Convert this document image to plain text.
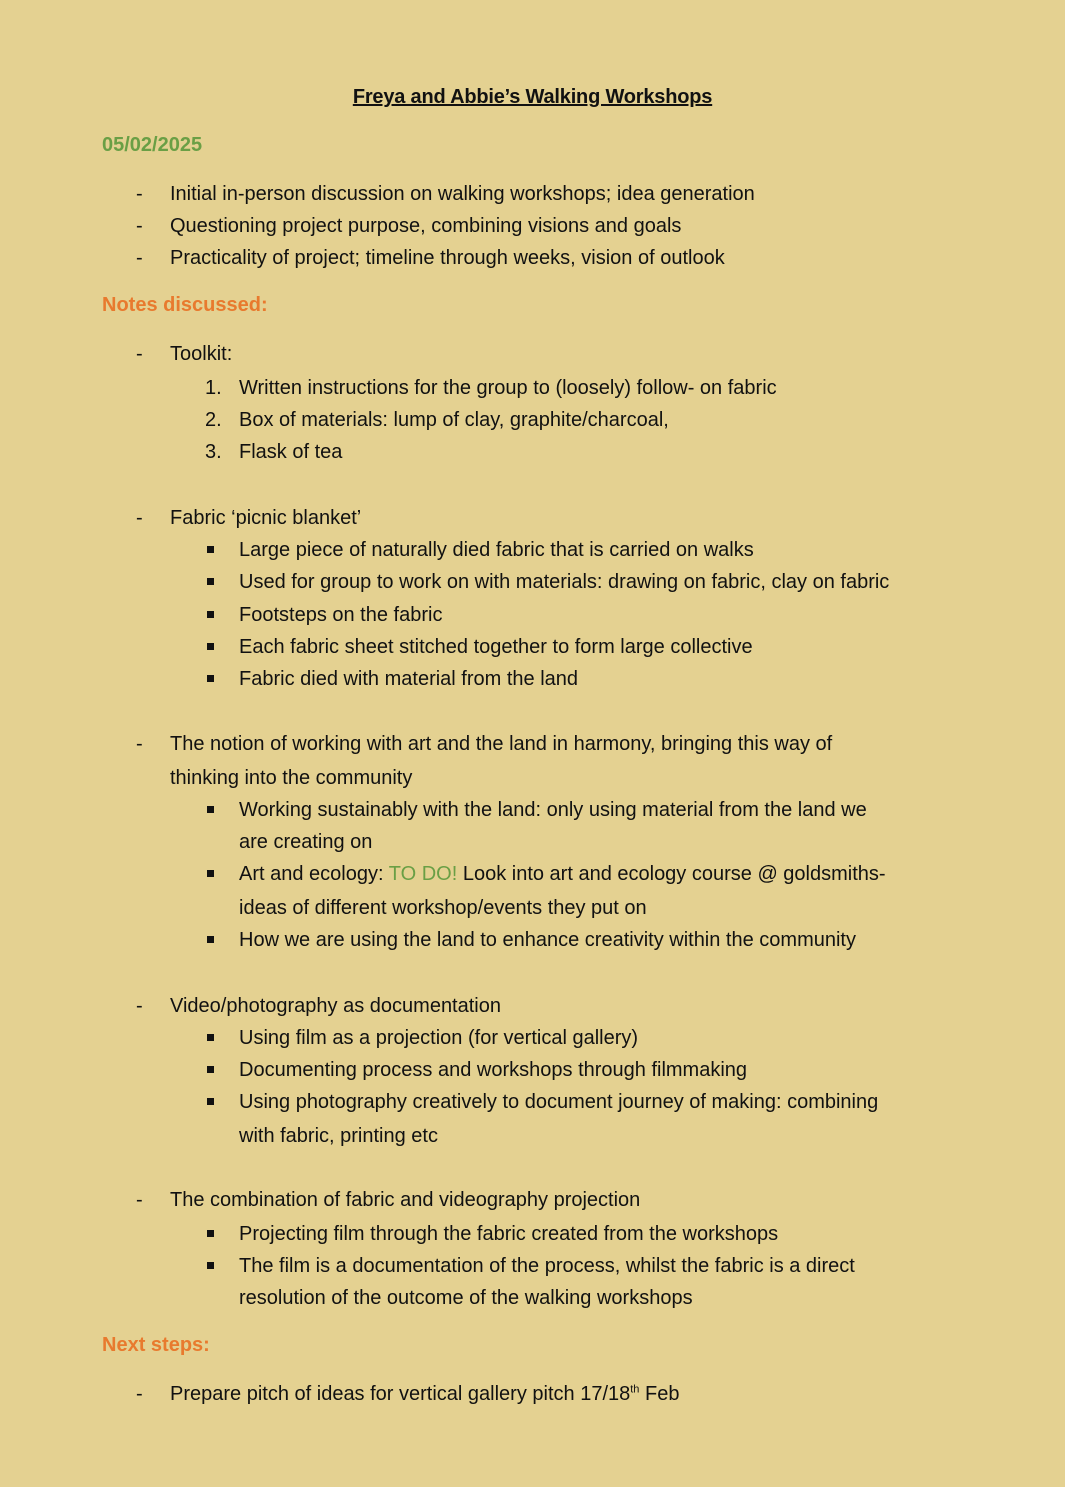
Freya and Abbie’s Walking Workshops
05/02/2025
- Initial in-person discussion on walking workshops; idea generation
- Questioning project purpose, combining visions and goals
- Practicality of project; timeline through weeks, vision of outlook
Notes discussed:
- Toolkit:
1. Written instructions for the group to (loosely) follow- on fabric
2. Box of materials: lump of clay, graphite/charcoal,
3. Flask of tea
- Fabric ‘picnic blanket’
Large piece of naturally died fabric that is carried on walks
Used for group to work on with materials: drawing on fabric, clay on fabric
Footsteps on the fabric
Each fabric sheet stitched together to form large collective
Fabric died with material from the land
- The notion of working with art and the land in harmony, bringing this way of
thinking into the community
Working sustainably with the land: only using material from the land we
are creating on
Art and ecology: TO DO! Look into art and ecology course @ goldsmiths-
ideas of different workshop/events they put on
How we are using the land to enhance creativity within the community
- Video/photography as documentation
Using film as a projection (for vertical gallery)
Documenting process and workshops through filmmaking
Using photography creatively to document journey of making: combining
with fabric, printing etc
- The combination of fabric and videography projection
Projecting film through the fabric created from the workshops
The film is a documentation of the process, whilst the fabric is a direct
resolution of the outcome of the walking workshops
Next steps:
- Prepare pitch of ideas for vertical gallery pitch 17/18th Feb
